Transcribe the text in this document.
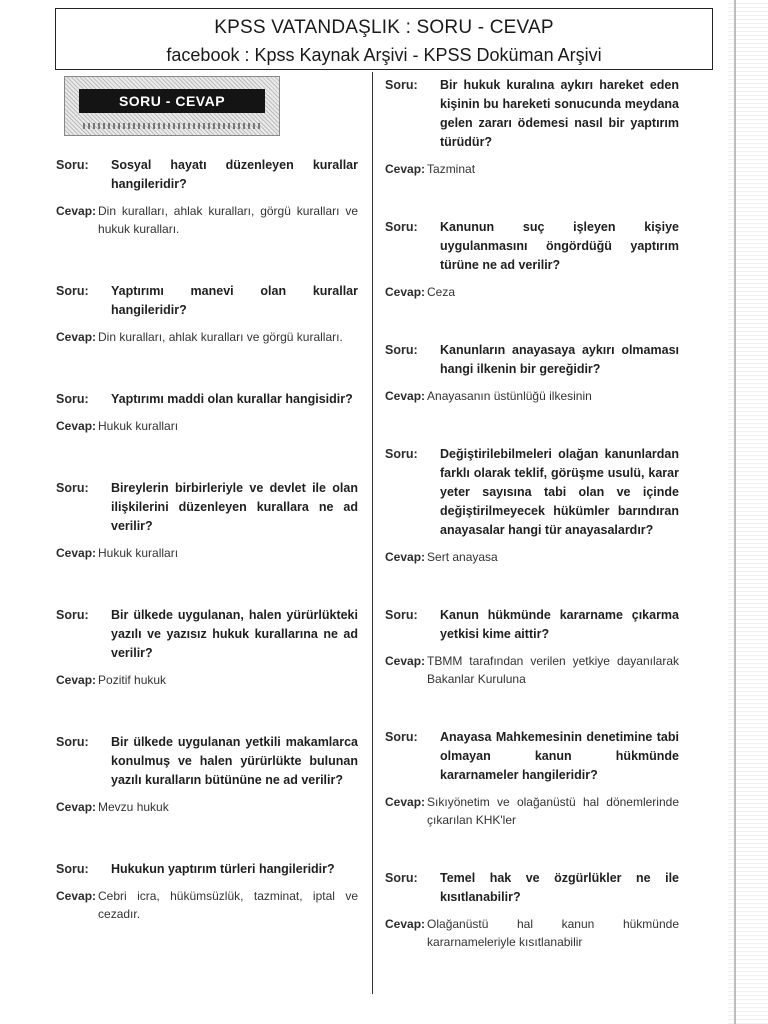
KPSS VATANDAŞLIK : SORU - CEVAP
facebook : Kpss Kaynak Arşivi - KPSS Doküman Arşivi
SORU - CEVAP
Soru:	Sosyal hayatı düzenleyen kurallar hangileridir?
Cevap: Din kuralları, ahlak kuralları, görgü kuralları ve hukuk kuralları.
Soru:	Yaptırımı manevi olan kurallar hangileridir?
Cevap: Din kuralları, ahlak kuralları ve görgü kuralları.
Soru:	Yaptırımı maddi olan kurallar hangisidir?
Cevap: Hukuk kuralları
Soru:	Bireylerin birbirleriyle ve devlet ile olan ilişkilerini düzenleyen kurallara ne ad verilir?
Cevap: Hukuk kuralları
Soru:	Bir ülkede uygulanan, halen yürürlükteki yazılı ve yazısız hukuk kurallarına ne ad verilir?
Cevap: Pozitif hukuk
Soru:	Bir ülkede uygulanan yetkili makamlarca konulmuş ve halen yürürlükte bulunan yazılı kuralların bütününe ne ad verilir?
Cevap: Mevzu hukuk
Soru:	Hukukun yaptırım türleri hangileridir?
Cevap: Cebri icra, hükümsüzlük, tazminat, iptal ve cezadır.
Soru:	Bir hukuk kuralına aykırı hareket eden kişinin bu hareketi sonucunda meydana gelen zararı ödemesi nasıl bir yaptırım türüdür?
Cevap: Tazminat
Soru:	Kanunun suç işleyen kişiye uygulanmasını öngördüğü yaptırım türüne ne ad verilir?
Cevap: Ceza
Soru:	Kanunların anayasaya aykırı olmaması hangi ilkenin bir gereğidir?
Cevap: Anayasanın üstünlüğü ilkesinin
Soru:	Değiştirilebilmeleri olağan kanunlardan farklı olarak teklif, görüşme usulü, karar yeter sayısına tabi olan ve içinde değiştirilmeyecek hükümler barındıran anayasalar hangi tür anayasalardır?
Cevap: Sert anayasa
Soru:	Kanun hükmünde kararname çıkarma yetkisi kime aittir?
Cevap: TBMM tarafından verilen yetkiye dayanılarak Bakanlar Kuruluna
Soru:	Anayasa Mahkemesinin denetimine tabi olmayan kanun hükmünde kararnameler hangileridir?
Cevap: Sıkıyönetim ve olağanüstü hal dönemlerinde çıkarılan KHK'ler
Soru:	Temel hak ve özgürlükler ne ile kısıtlanabilir?
Cevap: Olağanüstü hal kanun hükmünde kararnameleriyle kısıtlanabilir
